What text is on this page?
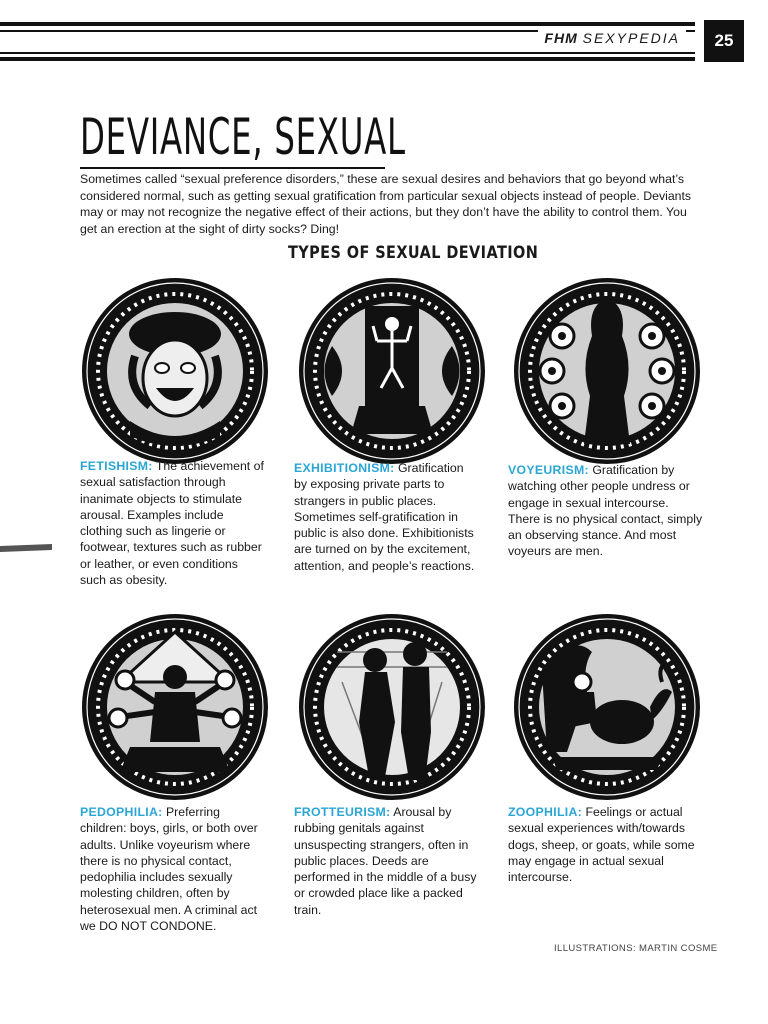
FHM SEXYPEDIA	25
DEVIANCE, SEXUAL

Sometimes called “sexual preference disorders,” these are sexual desires and behaviors that go beyond what’s considered normal, such as getting sexual gratification from particular sexual objects instead of people. Deviants may or may not recognize the negative effect of their actions, but they don’t have the ability to control them. You get an erection at the sight of dirty socks? Ding!

TYPES OF SEXUAL DEVIATION

FETISHISM: The achievement of sexual satisfaction through inanimate objects to stimulate arousal. Examples include clothing such as lingerie or footwear, textures such as rubber or leather, or even conditions such as obesity.

EXHIBITIONISM: Gratification by exposing private parts to strangers in public places. Sometimes self-gratification in public is also done. Exhibitionists are turned on by the excitement, attention, and people’s reactions.

VOYEURISM: Gratification by watching other people undress or engage in sexual intercourse. There is no physical contact, simply an observing stance. And most voyeurs are men.

PEDOPHILIA: Preferring children: boys, girls, or both over adults. Unlike voyeurism where there is no physical contact, pedophilia includes sexually molesting children, often by heterosexual men. A criminal act we DO NOT CONDONE.

FROTTEURISM: Arousal by rubbing genitals against unsuspecting strangers, often in public places. Deeds are performed in the middle of a busy or crowded place like a packed train.

ZOOPHILIA: Feelings or actual sexual experiences with/towards dogs, sheep, or goats, while some may engage in actual sexual intercourse.

ILLUSTRATIONS: MARTIN COSME
